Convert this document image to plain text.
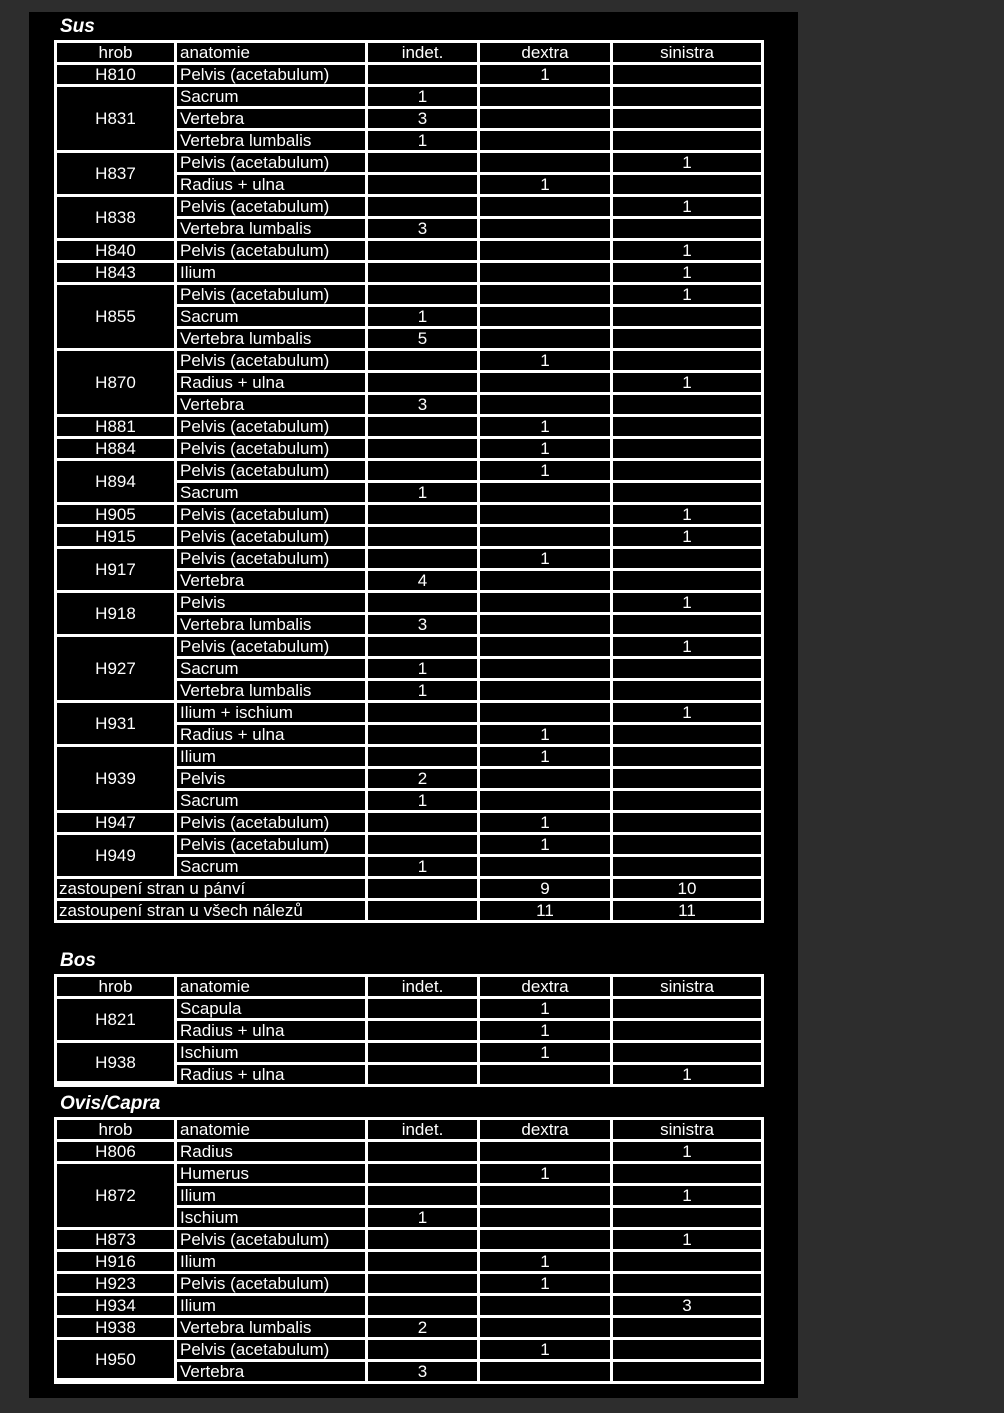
Sus
hrob	anatomie	indet.	dextra	sinistra
H810	Pelvis (acetabulum)		1	
H831	Sacrum	1		
	Vertebra	3		
	Vertebra lumbalis	1		
H837	Pelvis (acetabulum)			1
	Radius + ulna		1	
H838	Pelvis (acetabulum)			1
	Vertebra lumbalis	3		
H840	Pelvis (acetabulum)			1
H843	Ilium			1
H855	Pelvis (acetabulum)			1
	Sacrum	1		
	Vertebra lumbalis	5		
H870	Pelvis (acetabulum)		1	
	Radius + ulna			1
	Vertebra	3		
H881	Pelvis (acetabulum)		1	
H884	Pelvis (acetabulum)		1	
H894	Pelvis (acetabulum)		1	
	Sacrum	1		
H905	Pelvis (acetabulum)			1
H915	Pelvis (acetabulum)			1
H917	Pelvis (acetabulum)		1	
	Vertebra	4		
H918	Pelvis			1
	Vertebra lumbalis	3		
H927	Pelvis (acetabulum)			1
	Sacrum	1		
	Vertebra lumbalis	1		
H931	Ilium + ischium			1
	Radius + ulna		1	
H939	Ilium		1	
	Pelvis	2		
	Sacrum	1		
H947	Pelvis (acetabulum)		1	
H949	Pelvis (acetabulum)		1	
	Sacrum	1		
zastoupení stran u pánví			9	10
zastoupení stran u všech nálezů			11	11
Bos
hrob	anatomie	indet.	dextra	sinistra
H821	Scapula		1	
	Radius + ulna		1	
H938	Ischium		1	
	Radius + ulna			1
Ovis/Capra
hrob	anatomie	indet.	dextra	sinistra
H806	Radius			1
H872	Humerus		1	
	Ilium			1
	Ischium	1		
H873	Pelvis (acetabulum)			1
H916	Ilium		1	
H923	Pelvis (acetabulum)		1	
H934	Ilium			3
H938	Vertebra lumbalis	2		
H950	Pelvis (acetabulum)		1	
	Vertebra	3		
